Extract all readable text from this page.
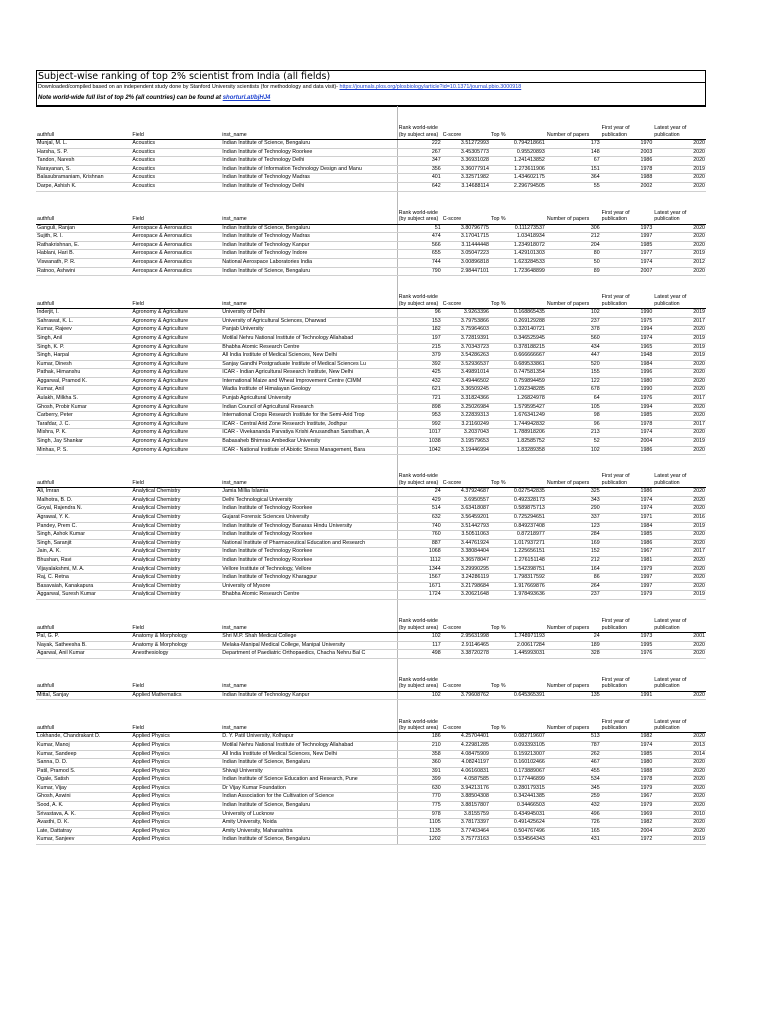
Subject-wise ranking of top 2% scientist from India (all fields)
Downloaded/compiled based on an independent study done by Stanford University scientists (for methodology and data visit)- https://journals.plos.org/plosbiology/article?id=10.1371/journal.pbio.3000918
Note world-wide full list of top 2% (all countries) can be found at shorturl.at/bjHJ4
authfull	Field	inst_name	Rank world-wide (by subject area)	C-score	Top %	Number of papers	First year of publication	Latest year of publication
Munjal, M. L.	Acoustics	Indian Institute of Science, Bengaluru	222	3.51272993	0.794218661	173	1970	2020
Harsha, S. P.	Acoustics	Indian Institute of Technology Roorkee	267	3.45305773	0.95520893	148	2003	2020
Tandon, Naresh	Acoustics	Indian Institute of Technology Delhi	347	3.36931028	1.241413852	67	1986	2020
Narayanan, S.	Acoustics	Indian Institute of Information Technology Design and Manu	356	3.36077914	1.273611906	151	1978	2019
Balasubramaniam, Krishnan	Acoustics	Indian Institute of Technology Madras	401	3.32571982	1.434602175	364	1988	2020
Darpe, Ashish K.	Acoustics	Indian Institute of Technology Delhi	642	3.14688114	2.296794505	55	2002	2020
authfull	Field	inst_name	Rank world-wide (by subject area)	C-score	Top %	Number of papers	First year of publication	Latest year of publication
Ganguli, Ranjan	Aerospace & Aeronautics	Indian Institute of Science, Bengaluru	51	3.80796775	0.111273537	306	1973	2020
Sujith, R. I.	Aerospace & Aeronautics	Indian Institute of Technology Madras	474	3.17041715	1.03418934	212	1997	2020
Rathakrishnan, E.	Aerospace & Aeronautics	Indian Institute of Technology Kanpur	566	3.11444448	1.234918072	204	1985	2020
Hablani, Hari B.	Aerospace & Aeronautics	Indian Institute of Technology Indore	655	3.05047223	1.429101303	80	1977	2019
Viswanath, P. R.	Aerospace & Aeronautics	National Aerospace Laboratories India	744	3.00896818	1.623284533	50	1974	2012
Ratnoo, Ashwini	Aerospace & Aeronautics	Indian Institute of Science, Bengaluru	790	2.98447101	1.723648899	89	2007	2020
authfull	Field	inst_name	Rank world-wide (by subject area)	C-score	Top %	Number of papers	First year of publication	Latest year of publication
Inderjit, I.	Agronomy & Agriculture	University of Delhi	96	3.9263396	0.168865435	102	1990	2019
Sahrawat, K. L.	Agronomy & Agriculture	University of Agricultural Sciences, Dharwad	153	3.79753866	0.269129288	237	1975	2017
Kumar, Rajeev	Agronomy & Agriculture	Panjab University	182	3.75964603	0.320140721	378	1994	2020
Singh, Anil	Agronomy & Agriculture	Motilal Nehru National Institute of Technology Allahabad	197	3.72819391	0.346525945	560	1974	2019
Singh, K. P.	Agronomy & Agriculture	Bhabha Atomic Research Centre	215	3.70343723	0.378188215	434	1965	2019
Singh, Harpal	Agronomy & Agriculture	All India Institute of Medical Sciences, New Delhi	379	3.54286263	0.666666667	447	1948	2019
Kumar, Dinesh	Agronomy & Agriculture	Sanjay Gandhi Postgraduate Institute of Medical Sciences Lu	392	3.52936537	0.689533861	520	1984	2020
Pathak, Himanshu	Agronomy & Agriculture	ICAR - Indian Agricultural Research Institute, New Delhi	425	3.49891014	0.747581354	155	1996	2020
Aggarwal, Pramod K.	Agronomy & Agriculture	International Maize and Wheat Improvement Centre (CIMM	432	3.49446502	0.759894459	122	1980	2020
Kumar, Anil	Agronomy & Agriculture	Wadia Institute of Himalayan Geology	621	3.36509245	1.092348285	678	1990	2020
Aulakh, Milkha S.	Agronomy & Agriculture	Punjab Agricultural University	721	3.31824366	1.26824978	64	1976	2017
Ghosh, Probir Kumar	Agronomy & Agriculture	Indian Council of Agricultural Research	898	3.25026984	1.579595427	105	1994	2020
Carberry, Peter	Agronomy & Agriculture	International Crops Research Institute for the Semi-Arid Trop	953	3.22839313	1.676341249	98	1985	2020
Tarafdar, J. C.	Agronomy & Agriculture	ICAR - Central Arid Zone Research Institute, Jodhpur	992	3.21160249	1.744942832	96	1978	2017
Mishra, P. K.	Agronomy & Agriculture	ICAR - Vivekananda Parvatiya Krishi Anusandhan Sansthan, A	1017	3.2037043	1.788918206	213	1974	2020
Singh, Jay Shankar	Agronomy & Agriculture	Babasaheb Bhimrao Ambedkar University	1038	3.19579653	1.82585752	52	2004	2019
Minhas, P. S.	Agronomy & Agriculture	ICAR - National Institute of Abiotic Stress Management, Bara	1042	3.19446994	1.83289358	102	1986	2020
authfull	Field	inst_name	Rank world-wide (by subject area)	C-score	Top %	Number of papers	First year of publication	Latest year of publication
Ali, Imran	Analytical Chemistry	Jamia Millia Islamia	24	4.37924687	0.027542835	325	1986	2020
Malhotra, B. D.	Analytical Chemistry	Delhi Technological University	429	3.6950557	0.492328173	343	1974	2020
Goyal, Rajendra N.	Analytical Chemistry	Indian Institute of Technology Roorkee	514	3.63418087	0.589875713	290	1974	2020
Agrawal, Y. K.	Analytical Chemistry	Gujarat Forensic Sciences University	632	3.56459201	0.725294651	337	1971	2016
Pandey, Prem C.	Analytical Chemistry	Indian Institute of Technology Banaras Hindu University	740	3.51442793	0.849237408	123	1984	2019
Singh, Ashok Kumar	Analytical Chemistry	Indian Institute of Technology Roorkee	760	3.50511063	0.87218977	284	1985	2020
Singh, Saranjit	Analytical Chemistry	National Institute of Pharmaceutical Education and Research	887	3.44761924	1.017937271	169	1986	2020
Jain, A. K.	Analytical Chemistry	Indian Institute of Technology Roorkee	1068	3.38084404	1.225656151	152	1967	2017
Bhushan, Ravi	Analytical Chemistry	Indian Institute of Technology Roorkee	1112	3.36578047	1.276151148	212	1981	2020
Vijayalakshmi, M. A.	Analytical Chemistry	Vellore Institute of Technology, Vellore	1344	3.29990295	1.542398751	164	1979	2020
Raj, C. Retna	Analytical Chemistry	Indian Institute of Technology Kharagpur	1567	3.24286119	1.798317592	86	1997	2020
Basavaiah, Kanakapura	Analytical Chemistry	University of Mysore	1671	3.21798684	1.917669876	264	1997	2020
Aggarwal, Suresh Kumar	Analytical Chemistry	Bhabha Atomic Research Centre	1724	3.20621648	1.978493636	237	1979	2019
authfull	Field	inst_name	Rank world-wide (by subject area)	C-score	Top %	Number of papers	First year of publication	Latest year of publication
Pal, G. P.	Anatomy & Morphology	Shri M.P. Shah Medical College	102	2.95631998	1.748971193	24	1973	2001
Nayak, Satheesha B.	Anatomy & Morphology	Melaka-Manipal Medical College, Manipal University	117	2.91146465	2.00617284	189	1995	2020
Agarwal, Anil Kumar	Anesthesiology	Department of Paediatric Orthopaedics, Chacha Nehru Bal C	498	3.38720278	1.445993031	328	1976	2020
authfull	Field	inst_name	Rank world-wide (by subject area)	C-score	Top %	Number of papers	First year of publication	Latest year of publication
Mittal, Sanjay	Applied Mathematics	Indian Institute of Technology Kanpur	102	3.79608762	0.645365391	135	1991	2020
authfull	Field	inst_name	Rank world-wide (by subject area)	C-score	Top %	Number of papers	First year of publication	Latest year of publication
Lokhande, Chandrakant D.	Applied Physics	D. Y. Patil University, Kolhapur	186	4.25704401	0.082719607	513	1982	2020
Kumar, Manoj	Applied Physics	Motilal Nehru National Institute of Technology Allahabad	210	4.22981285	0.093393105	787	1974	2013
Kumar, Sandeep	Applied Physics	All India Institute of Medical Sciences, New Delhi	358	4.08475909	0.159213007	262	1985	2014
Sanna, D. D.	Applied Physics	Indian Institute of Science, Bengaluru	360	4.08241197	0.160102466	467	1980	2020
Patil, Pramod S.	Applied Physics	Shivaji University	391	4.06160831	0.173889067	455	1988	2020
Ogale, Satish	Applied Physics	Indian Institute of Science Education and Research, Pune	399	4.0587585	0.177446899	534	1978	2020
Kumar, Vijay	Applied Physics	Dr Vijay Kumar Foundation	630	3.94213176	0.280179315	345	1979	2020
Ghosh, Aswini	Applied Physics	Indian Association for the Cultivation of Science	770	3.88504308	0.342441385	259	1967	2020
Sood, A. K.	Applied Physics	Indian Institute of Science, Bengaluru	775	3.88157807	0.34466503	432	1979	2020
Srivastava, A. K.	Applied Physics	University of Lucknow	978	3.8155759	0.434945031	496	1969	2010
Avasthi, D. K.	Applied Physics	Amity University, Noida	1105	3.78173397	0.491425624	726	1982	2020
Late, Dattatray	Applied Physics	Amity University, Maharashtra	1135	3.77403464	0.504767496	165	2004	2020
Kumar, Sanjeev	Applied Physics	Indian Institute of Science, Bengaluru	1202	3.75773163	0.534564343	431	1972	2019
